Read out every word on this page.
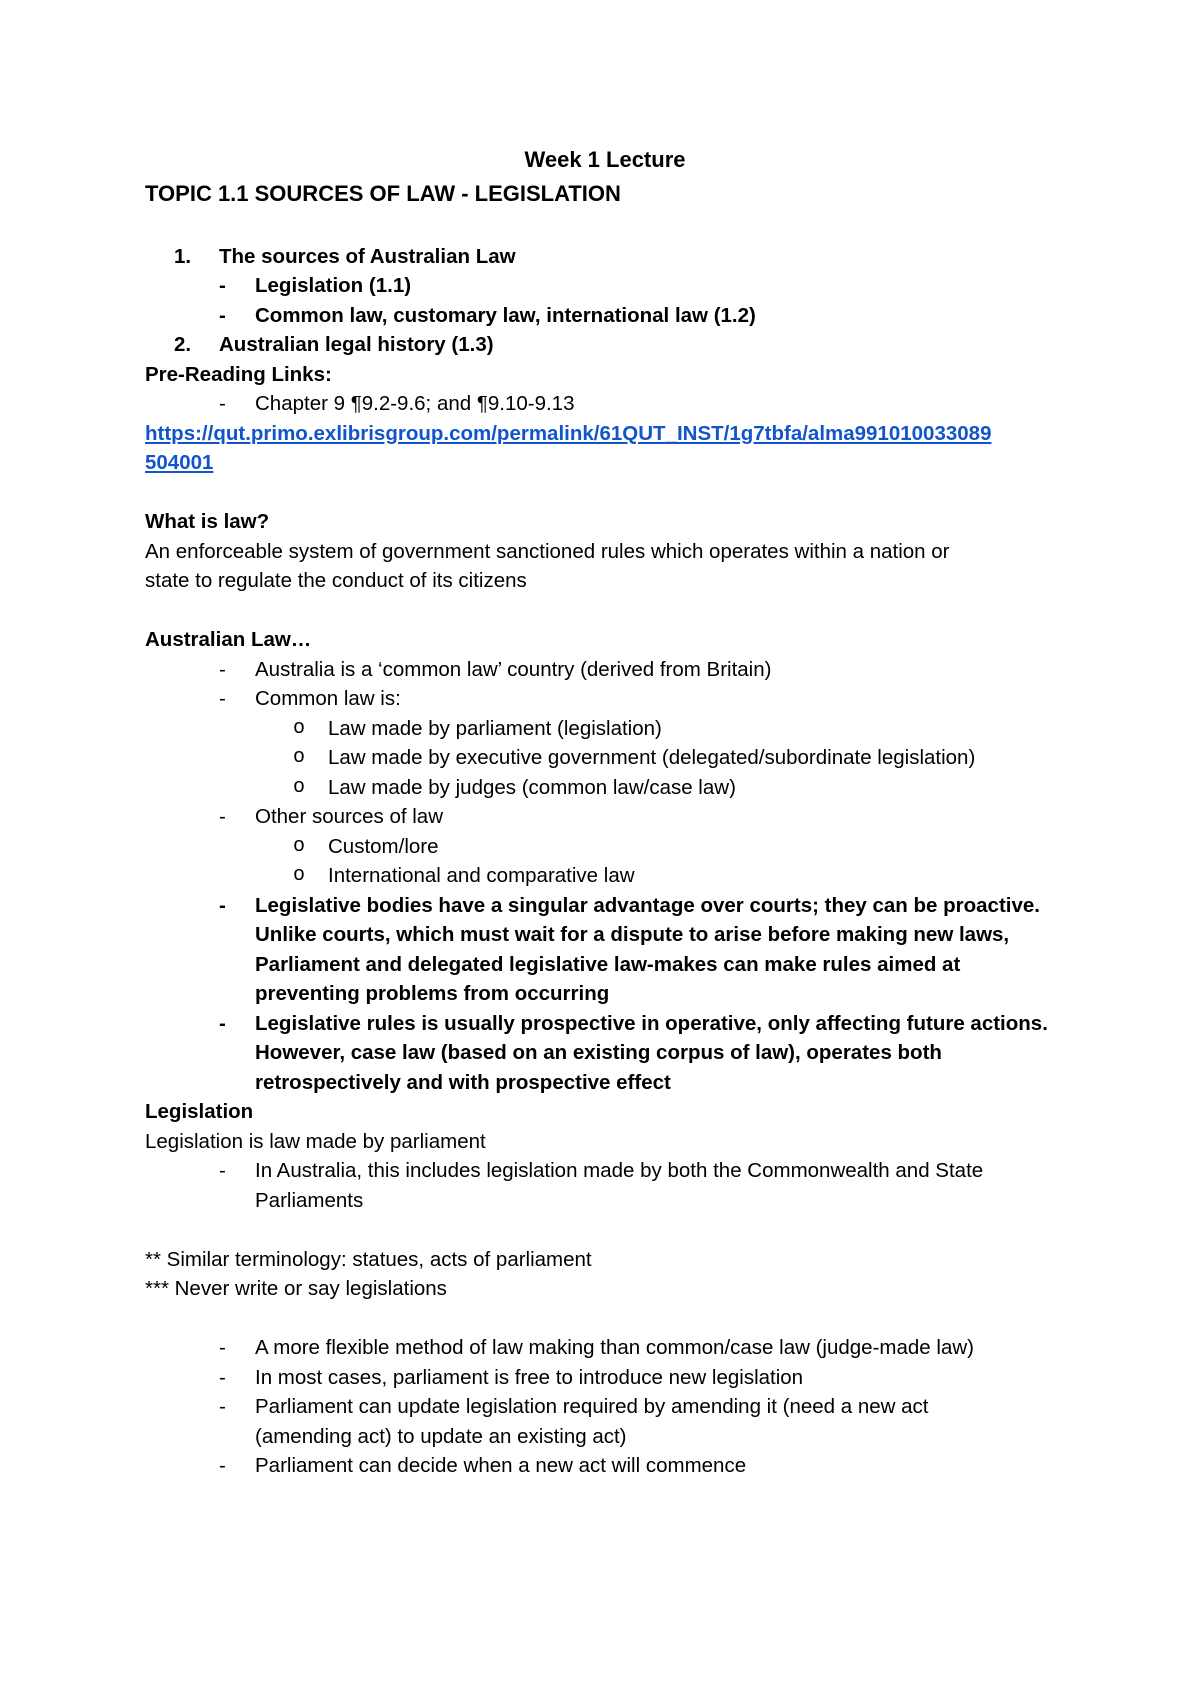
Week 1 Lecture
TOPIC 1.1 SOURCES OF LAW - LEGISLATION
1. The sources of Australian Law
- Legislation (1.1)
- Common law, customary law, international law (1.2)
2. Australian legal history (1.3)
Pre-Reading Links:
- Chapter 9 ¶9.2-9.6; and ¶9.10-9.13
https://qut.primo.exlibrisgroup.com/permalink/61QUT_INST/1g7tbfa/alma991010033089
504001
What is law?
An enforceable system of government sanctioned rules which operates within a nation or
state to regulate the conduct of its citizens
Australian Law…
- Australia is a ‘common law’ country (derived from Britain)
- Common law is:
o Law made by parliament (legislation)
o Law made by executive government (delegated/subordinate legislation)
o Law made by judges (common law/case law)
- Other sources of law
o Custom/lore
o International and comparative law
- Legislative bodies have a singular advantage over courts; they can be proactive.
Unlike courts, which must wait for a dispute to arise before making new laws,
Parliament and delegated legislative law-makes can make rules aimed at
preventing problems from occurring
- Legislative rules is usually prospective in operative, only affecting future actions.
However, case law (based on an existing corpus of law), operates both
retrospectively and with prospective effect
Legislation
Legislation is law made by parliament
- In Australia, this includes legislation made by both the Commonwealth and State
Parliaments
** Similar terminology: statues, acts of parliament
*** Never write or say legislations
- A more flexible method of law making than common/case law (judge-made law)
- In most cases, parliament is free to introduce new legislation
- Parliament can update legislation required by amending it (need a new act
(amending act) to update an existing act)
- Parliament can decide when a new act will commence
